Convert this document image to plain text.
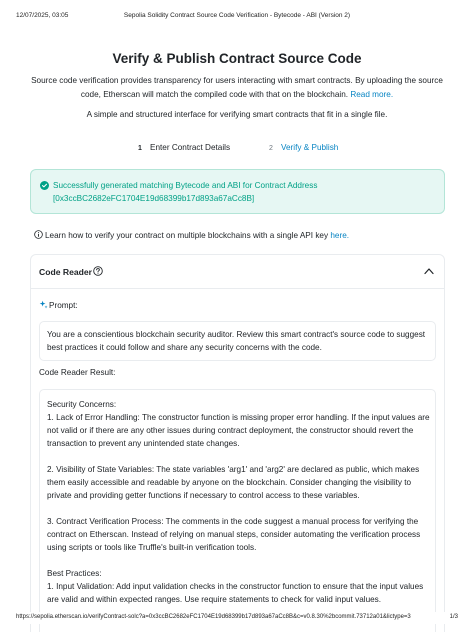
12/07/2025, 03:05	Sepolia Solidity Contract Source Code Verification - Bytecode - ABI (Version 2)
Verify & Publish Contract Source Code

Source code verification provides transparency for users interacting with smart contracts. By uploading the source code, Etherscan will match the compiled code with that on the blockchain. Read more.

A simple and structured interface for verifying smart contracts that fit in a single file.

1 Enter Contract Details	2 Verify & Publish
Successfully generated matching Bytecode and ABI for Contract Address
[0x3ccBC2682eFC1704E19d68399b17d893a67aCc8B]
Learn how to verify your contract on multiple blockchains with a single API key here.
Code Reader
Prompt:
You are a conscientious blockchain security auditor. Review this smart contract's source code to suggest best practices it could follow and share any security concerns with the code.
Code Reader Result:
Security Concerns:
1. Lack of Error Handling: The constructor function is missing proper error handling. If the input values are not valid or if there are any other issues during contract deployment, the constructor should revert the transaction to prevent any unintended state changes.
2. Visibility of State Variables: The state variables 'arg1' and 'arg2' are declared as public, which makes them easily accessible and readable by anyone on the blockchain. Consider changing the visibility to private and providing getter functions if necessary to control access to these variables.
3. Contract Verification Process: The comments in the code suggest a manual process for verifying the contract on Etherscan. Instead of relying on manual steps, consider automating the verification process using scripts or tools like Truffle's built-in verification tools.
Best Practices:
1. Input Validation: Add input validation checks in the constructor function to ensure that the input values are valid and within expected ranges. Use require statements to check for valid input values.
https://sepolia.etherscan.io/verifyContract-solc?a=0x3ccBC2682eFC1704E19d68399b17d893a67aCc8B&c=v0.8.30%2bcommit.73712a01&lictype=3	1/3
